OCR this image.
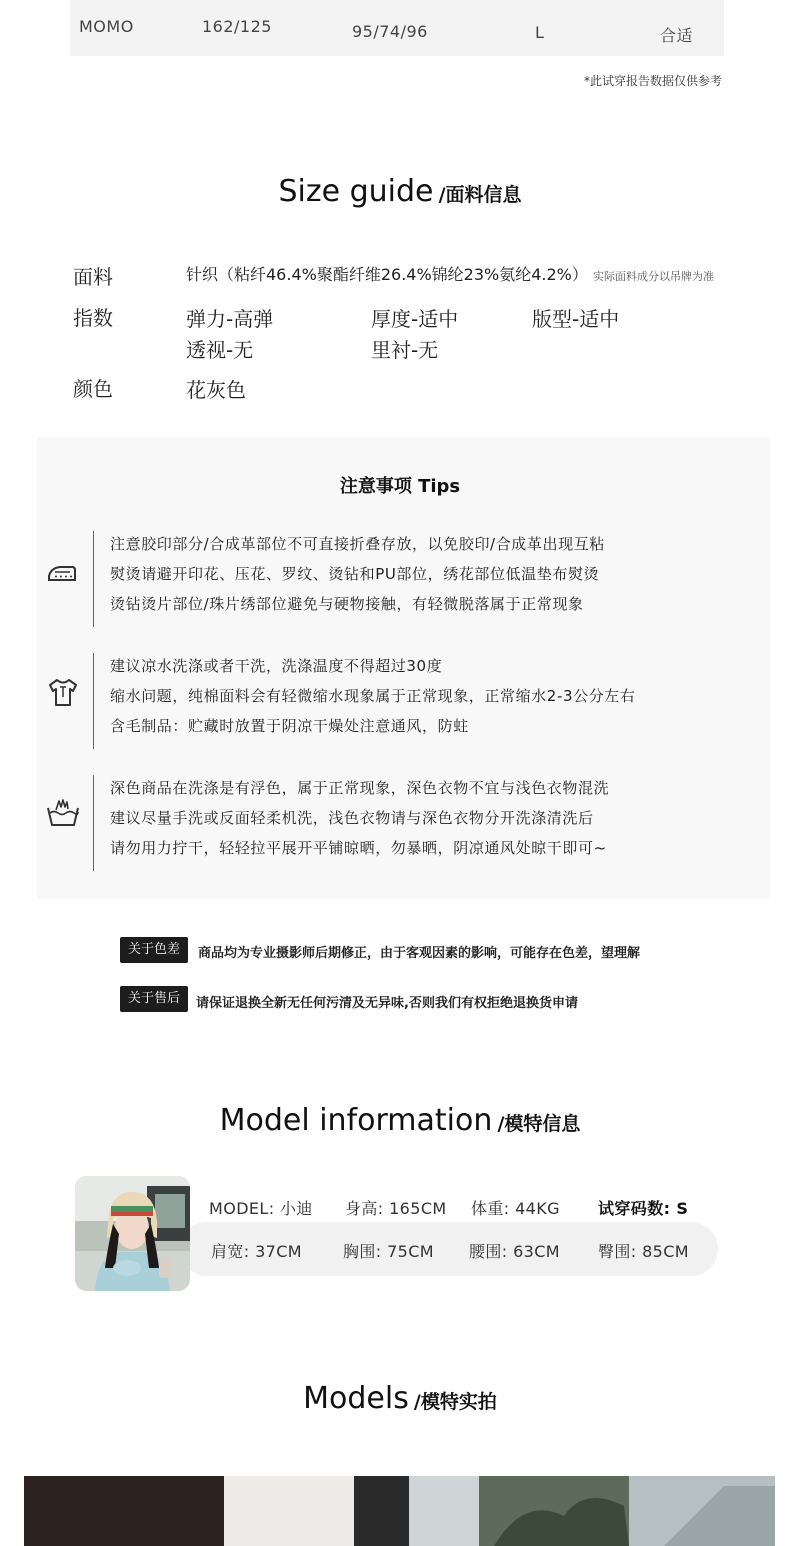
MOMO	162/125	95/74/96	L	合适
*此试穿报告数据仅供参考
Size guide /面料信息
面料	针织（粘纤46.4%聚酯纤维26.4%锦纶23%氨纶4.2%） 实际面料成分以吊牌为准
指数	弹力-高弹	厚度-适中	版型-适中
透视-无	里衬-无
颜色	花灰色
注意事项 Tips
注意胶印部分/合成革部位不可直接折叠存放，以免胶印/合成革出现互粘
熨烫请避开印花、压花、罗纹、烫钻和PU部位，绣花部位低温垫布熨烫
烫钻烫片部位/珠片绣部位避免与硬物接触，有轻微脱落属于正常现象
建议凉水洗涤或者干洗，洗涤温度不得超过30度
缩水问题，纯棉面料会有轻微缩水现象属于正常现象，正常缩水2-3公分左右
含毛制品：贮藏时放置于阴凉干燥处注意通风，防蛀
深色商品在洗涤是有浮色，属于正常现象，深色衣物不宜与浅色衣物混洗
建议尽量手洗或反面轻柔机洗，浅色衣物请与深色衣物分开洗涤清洗后
请勿用力拧干，轻轻拉平展开平铺晾晒，勿暴晒，阴凉通风处晾干即可~
关于色差	商品均为专业摄影师后期修正，由于客观因素的影响，可能存在色差，望理解
关于售后	请保证退换全新无任何污清及无异味,否则我们有权拒绝退换货申请
Model information /模特信息
MODEL: 小迪 身高: 165CM 体重: 44KG 试穿码数: S
肩宽: 37CM	胸围: 75CM 腰围: 63CM 臀围: 85CM
Models /模特实拍
